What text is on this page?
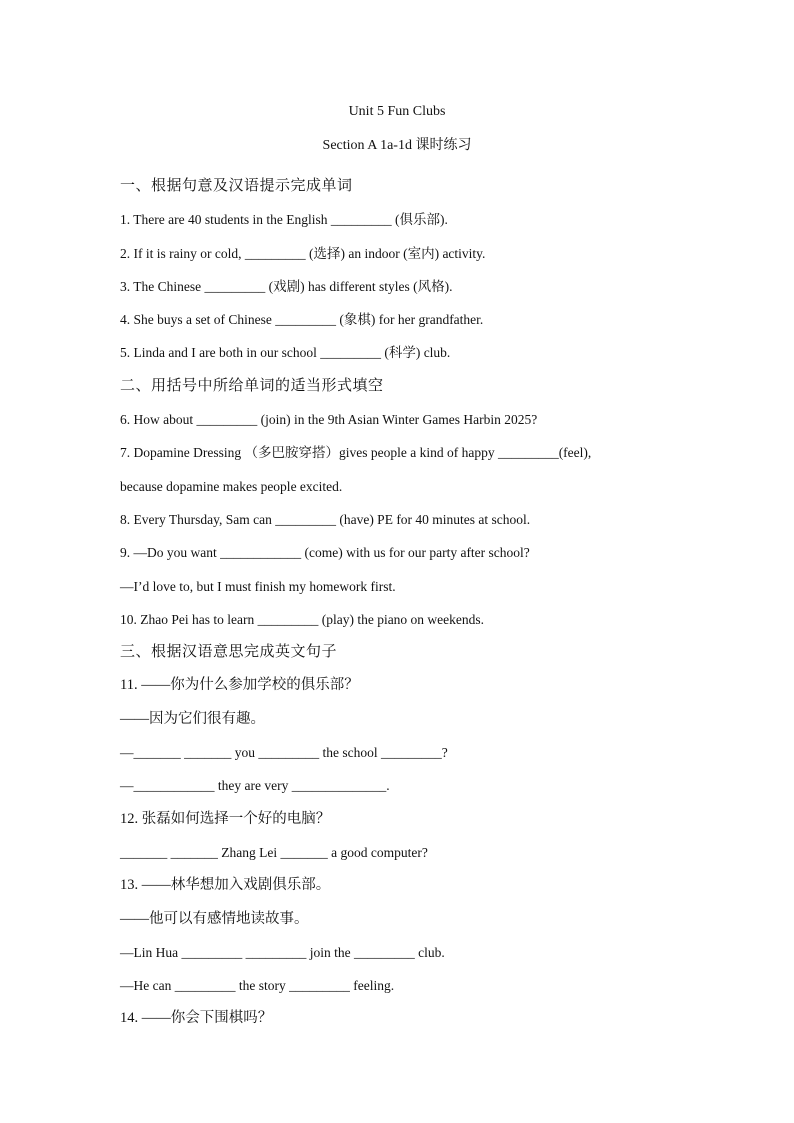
Unit 5 Fun Clubs
Section A 1a-1d 课时练习
一、根据句意及汉语提示完成单词
1. There are 40 students in the English _________ (俱乐部).
2. If it is rainy or cold, _________ (选择) an indoor (室内) activity.
3. The Chinese _________ (戏剧) has different styles (风格).
4. She buys a set of Chinese _________ (象棋) for her grandfather.
5. Linda and I are both in our school _________ (科学) club.
二、用括号中所给单词的适当形式填空
6. How about _________ (join) in the 9th Asian Winter Games Harbin 2025?
7. Dopamine Dressing （多巴胺穿搭）gives people a kind of happy _________(feel),
because dopamine makes people excited.
8. Every Thursday, Sam can _________ (have) PE for 40 minutes at school.
9. —Do you want ____________ (come) with us for our party after school?
—I’d love to, but I must finish my homework first.
10. Zhao Pei has to learn _________ (play) the piano on weekends.
三、根据汉语意思完成英文句子
11. ——你为什么参加学校的俱乐部？
——因为它们很有趣。
—_______ _______ you _________ the school _________?
—____________ they are very ______________.
12. 张磊如何选择一个好的电脑？
_______ _______ Zhang Lei _______ a good computer?
13. ——林华想加入戏剧俱乐部。
——他可以有感情地读故事。
—Lin Hua _________ _________ join the _________ club.
—He can _________ the story _________ feeling.
14. ——你会下围棋吗？
